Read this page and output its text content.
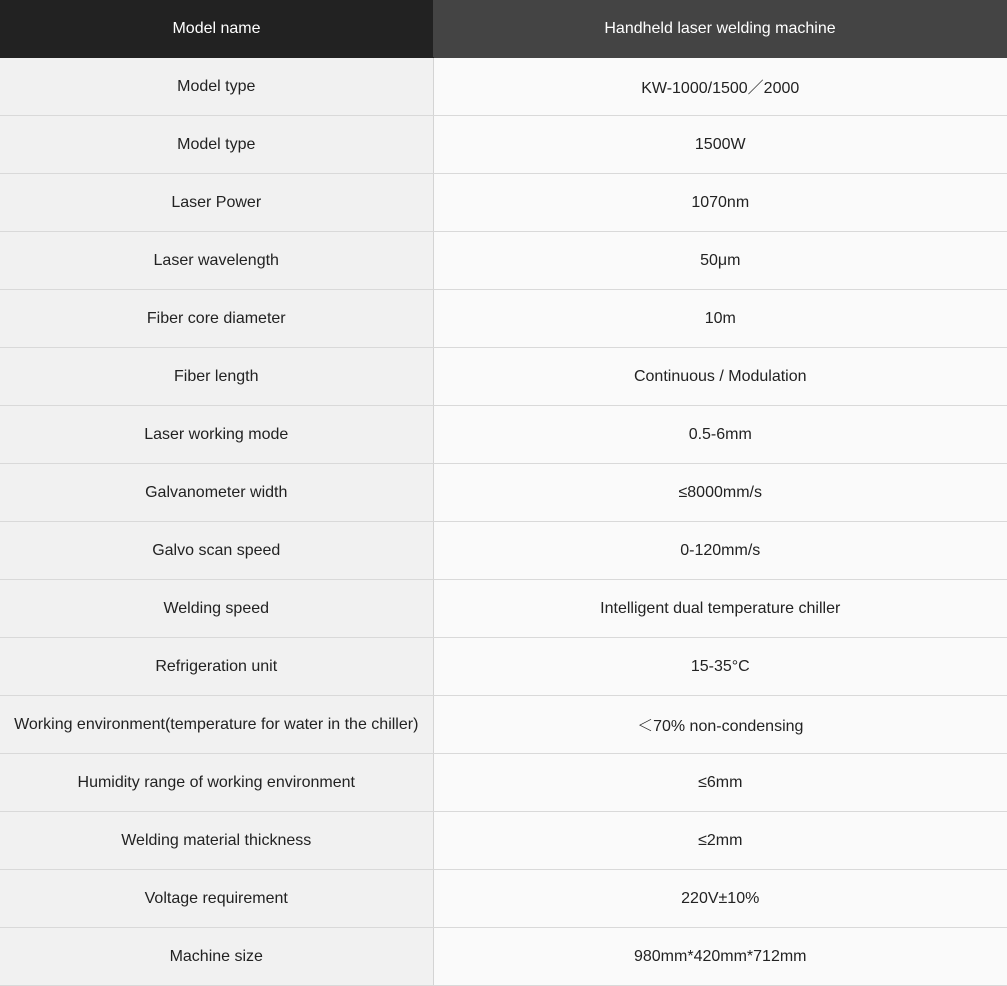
Model name	Handheld laser welding machine
Model type	KW-1000/1500／2000
Model type	1500W
Laser Power	1070nm
Laser wavelength	50μm
Fiber core diameter	10m
Fiber length	Continuous / Modulation
Laser working mode	0.5-6mm
Galvanometer width	≤8000mm/s
Galvo scan speed	0-120mm/s
Welding speed	Intelligent dual temperature chiller
Refrigeration unit	15-35°C
Working environment(temperature for water in the chiller)	＜70% non-condensing
Humidity range of working environment	≤6mm
Welding material thickness	≤2mm
Voltage requirement	220V±10%
Machine size	980mm*420mm*712mm
